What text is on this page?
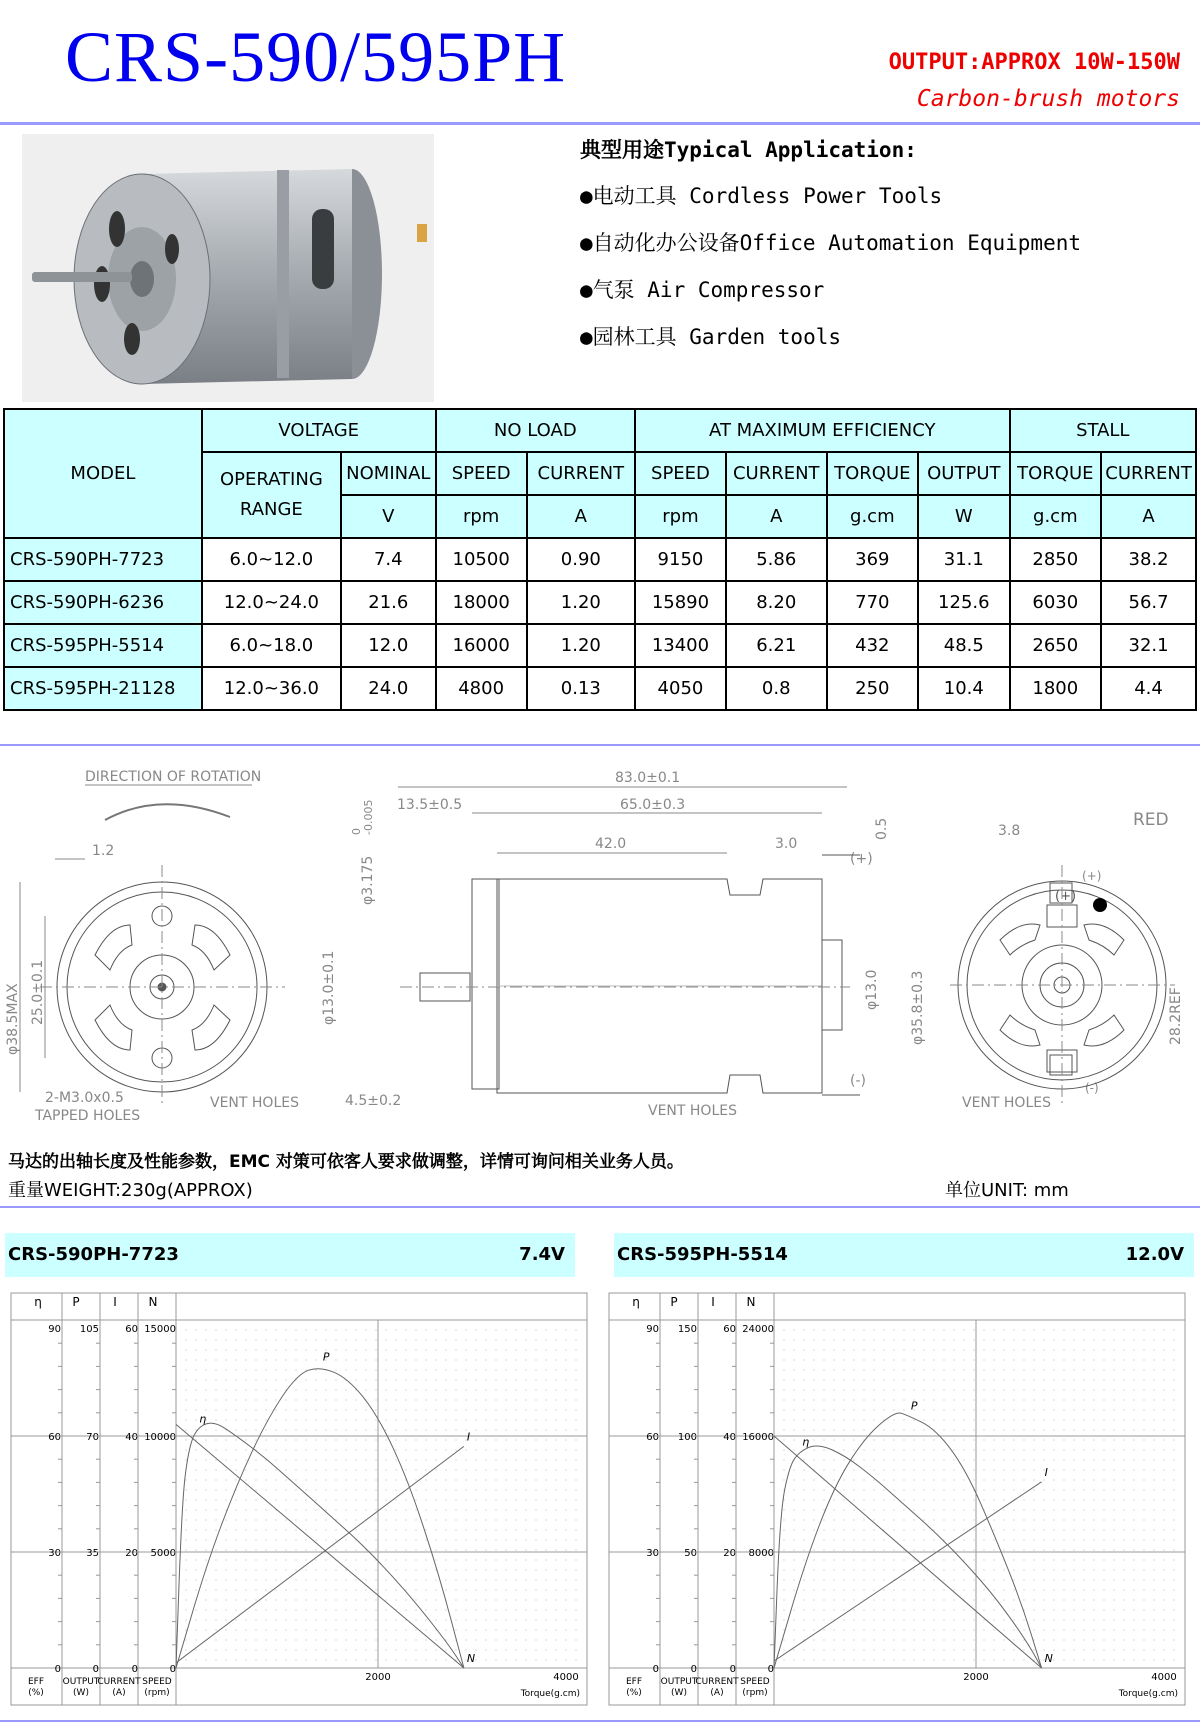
CRS-590/595PH	OUTPUT:APPROX 10W-150W
Carbon-brush motors
典型用途Typical Application:
●电动工具 Cordless Power Tools
●自动化办公设备Office Automation Equipment
●气泵 Air Compressor
●园林工具 Garden tools
MODEL	VOLTAGE		NO LOAD		AT MAXIMUM EFFICIENCY				STALL	
	OPERATING RANGE	NOMINAL	SPEED	CURRENT	SPEED	CURRENT	TORQUE	OUTPUT	TORQUE	CURRENT
		V	rpm	A	rpm	A	g.cm	W	g.cm	A
CRS-590PH-7723	6.0~12.0	7.4	10500	0.90	9150	5.86	369	31.1	2850	38.2
CRS-590PH-6236	12.0~24.0	21.6	18000	1.20	15890	8.20	770	125.6	6030	56.7
CRS-595PH-5514	6.0~18.0	12.0	16000	1.20	13400	6.21	432	48.5	2650	32.1
CRS-595PH-21128	12.0~36.0	24.0	4800	0.13	4050	0.8	250	10.4	1800	4.4
DIRECTION OF ROTATION
1.2
φ38.5MAX 25.0±0.1
2-M3.0x0.5
TAPPED HOLES
VENT HOLES
83.0±0.1
13.5±0.5	65.0±0.3
42.0	3.0
0.5
φ3.175
0 -0.005
φ13.0±0.1	φ13.0 φ35.8±0.3
4.5±0.2
VENT HOLES
(+)
(-)
3.8
RED
(+)
(-)
28.2REF
VENT HOLES
(+)
马达的出轴长度及性能参数，EMC 对策可依客人要求做调整，详情可询问相关业务人员。
重量WEIGHT:230g(APPROX)	单位UNIT: mm
CRS-590PH-7723	7.4V	CRS-595PH-5514	12.0V
η
0
30
60
90
P
0
35
70
105
I
0
20
40
60
N
0
5000
10000
15000
EFF
(%)
OUTPUT
(W)
CURRENT
(A)
SPEED
(rpm)
2000	4000
Torque(g.cm)
N
I
P
η
η
0
30
60
90
P
0
50
100
150
I
0
20
40
60
N
0
8000
16000
24000
EFF
(%)
OUTPUT
(W)
CURRENT
(A)
SPEED
(rpm)
2000	4000
Torque(g.cm)
N
I
P
η
